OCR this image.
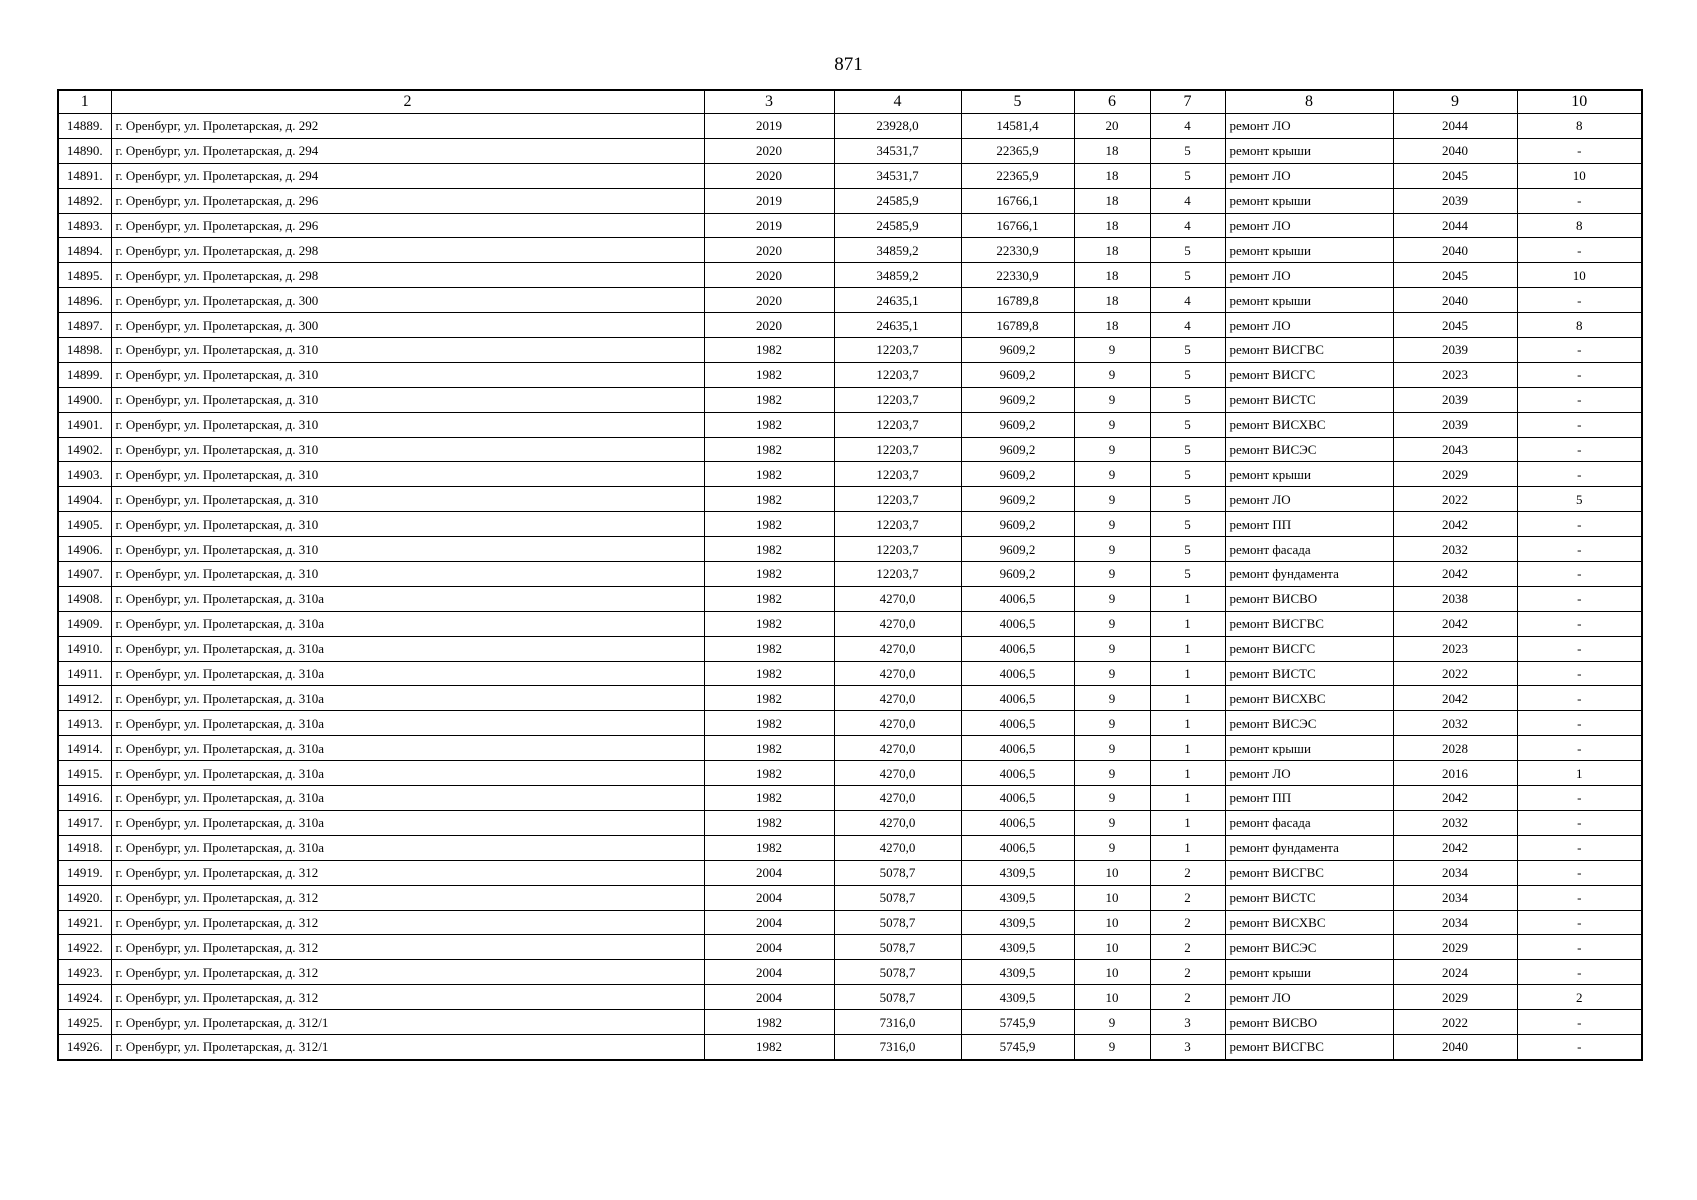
871
1	2	3	4	5	6	7	8	9	10
14889.	г. Оренбург, ул. Пролетарская, д. 292	2019	23928,0	14581,4	20	4	ремонт ЛО	2044	8
14890.	г. Оренбург, ул. Пролетарская, д. 294	2020	34531,7	22365,9	18	5	ремонт крыши	2040	-
14891.	г. Оренбург, ул. Пролетарская, д. 294	2020	34531,7	22365,9	18	5	ремонт ЛО	2045	10
14892.	г. Оренбург, ул. Пролетарская, д. 296	2019	24585,9	16766,1	18	4	ремонт крыши	2039	-
14893.	г. Оренбург, ул. Пролетарская, д. 296	2019	24585,9	16766,1	18	4	ремонт ЛО	2044	8
14894.	г. Оренбург, ул. Пролетарская, д. 298	2020	34859,2	22330,9	18	5	ремонт крыши	2040	-
14895.	г. Оренбург, ул. Пролетарская, д. 298	2020	34859,2	22330,9	18	5	ремонт ЛО	2045	10
14896.	г. Оренбург, ул. Пролетарская, д. 300	2020	24635,1	16789,8	18	4	ремонт крыши	2040	-
14897.	г. Оренбург, ул. Пролетарская, д. 300	2020	24635,1	16789,8	18	4	ремонт ЛО	2045	8
14898.	г. Оренбург, ул. Пролетарская, д. 310	1982	12203,7	9609,2	9	5	ремонт ВИСГВС	2039	-
14899.	г. Оренбург, ул. Пролетарская, д. 310	1982	12203,7	9609,2	9	5	ремонт ВИСГС	2023	-
14900.	г. Оренбург, ул. Пролетарская, д. 310	1982	12203,7	9609,2	9	5	ремонт ВИСТС	2039	-
14901.	г. Оренбург, ул. Пролетарская, д. 310	1982	12203,7	9609,2	9	5	ремонт ВИСХВС	2039	-
14902.	г. Оренбург, ул. Пролетарская, д. 310	1982	12203,7	9609,2	9	5	ремонт ВИСЭС	2043	-
14903.	г. Оренбург, ул. Пролетарская, д. 310	1982	12203,7	9609,2	9	5	ремонт крыши	2029	-
14904.	г. Оренбург, ул. Пролетарская, д. 310	1982	12203,7	9609,2	9	5	ремонт ЛО	2022	5
14905.	г. Оренбург, ул. Пролетарская, д. 310	1982	12203,7	9609,2	9	5	ремонт ПП	2042	-
14906.	г. Оренбург, ул. Пролетарская, д. 310	1982	12203,7	9609,2	9	5	ремонт фасада	2032	-
14907.	г. Оренбург, ул. Пролетарская, д. 310	1982	12203,7	9609,2	9	5	ремонт фундамента	2042	-
14908.	г. Оренбург, ул. Пролетарская, д. 310а	1982	4270,0	4006,5	9	1	ремонт ВИСВО	2038	-
14909.	г. Оренбург, ул. Пролетарская, д. 310а	1982	4270,0	4006,5	9	1	ремонт ВИСГВС	2042	-
14910.	г. Оренбург, ул. Пролетарская, д. 310а	1982	4270,0	4006,5	9	1	ремонт ВИСГС	2023	-
14911.	г. Оренбург, ул. Пролетарская, д. 310а	1982	4270,0	4006,5	9	1	ремонт ВИСТС	2022	-
14912.	г. Оренбург, ул. Пролетарская, д. 310а	1982	4270,0	4006,5	9	1	ремонт ВИСХВС	2042	-
14913.	г. Оренбург, ул. Пролетарская, д. 310а	1982	4270,0	4006,5	9	1	ремонт ВИСЭС	2032	-
14914.	г. Оренбург, ул. Пролетарская, д. 310а	1982	4270,0	4006,5	9	1	ремонт крыши	2028	-
14915.	г. Оренбург, ул. Пролетарская, д. 310а	1982	4270,0	4006,5	9	1	ремонт ЛО	2016	1
14916.	г. Оренбург, ул. Пролетарская, д. 310а	1982	4270,0	4006,5	9	1	ремонт ПП	2042	-
14917.	г. Оренбург, ул. Пролетарская, д. 310а	1982	4270,0	4006,5	9	1	ремонт фасада	2032	-
14918.	г. Оренбург, ул. Пролетарская, д. 310а	1982	4270,0	4006,5	9	1	ремонт фундамента	2042	-
14919.	г. Оренбург, ул. Пролетарская, д. 312	2004	5078,7	4309,5	10	2	ремонт ВИСГВС	2034	-
14920.	г. Оренбург, ул. Пролетарская, д. 312	2004	5078,7	4309,5	10	2	ремонт ВИСТС	2034	-
14921.	г. Оренбург, ул. Пролетарская, д. 312	2004	5078,7	4309,5	10	2	ремонт ВИСХВС	2034	-
14922.	г. Оренбург, ул. Пролетарская, д. 312	2004	5078,7	4309,5	10	2	ремонт ВИСЭС	2029	-
14923.	г. Оренбург, ул. Пролетарская, д. 312	2004	5078,7	4309,5	10	2	ремонт крыши	2024	-
14924.	г. Оренбург, ул. Пролетарская, д. 312	2004	5078,7	4309,5	10	2	ремонт ЛО	2029	2
14925.	г. Оренбург, ул. Пролетарская, д. 312/1	1982	7316,0	5745,9	9	3	ремонт ВИСВО	2022	-
14926.	г. Оренбург, ул. Пролетарская, д. 312/1	1982	7316,0	5745,9	9	3	ремонт ВИСГВС	2040	-
